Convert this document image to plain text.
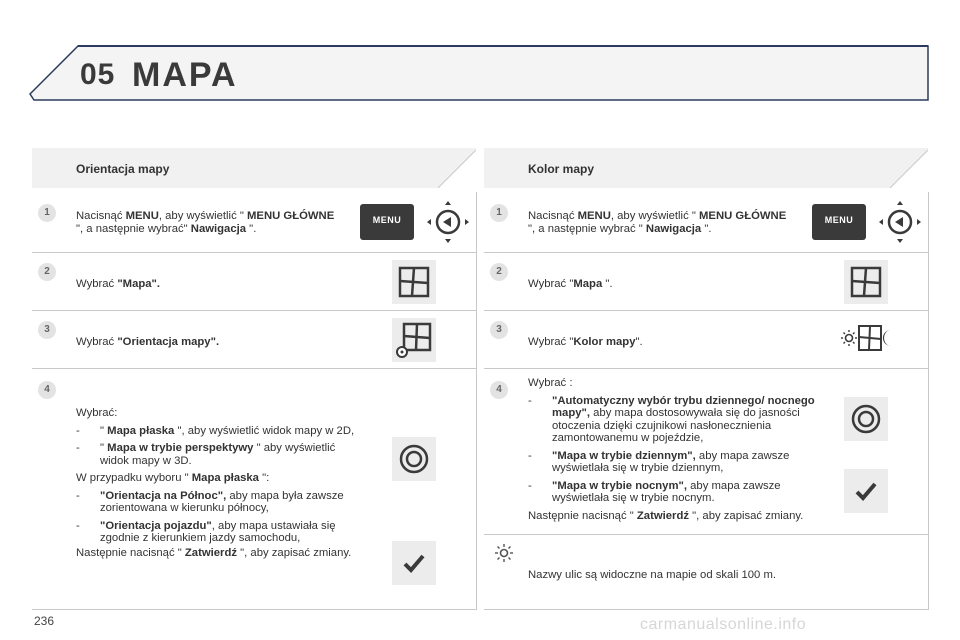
05 MAPA
Orientacja mapy
1	Nacisnąć MENU, aby wyświetlić " MENU GŁÓWNE ", a następnie wybrać" Nawigacja ".
MENU
2
Wybrać "Mapa".
3
Wybrać "Orientacja mapy".
4
Wybrać:
- " Mapa płaska ", aby wyświetlić widok mapy w 2D,
- " Mapa w trybie perspektywy " aby wyświetlić widok mapy w 3D.
W przypadku wyboru " Mapa płaska ":
- "Orientacja na Północ", aby mapa była zawsze zorientowana w kierunku północy,
- "Orientacja pojazdu", aby mapa ustawiała się zgodnie z kierunkiem jazdy samochodu,
Następnie nacisnąć " Zatwierdź ", aby zapisać zmiany.
Kolor mapy
1	Nacisnąć MENU, aby wyświetlić " MENU GŁÓWNE ", a następnie wybrać " Nawigacja ".
MENU
2
Wybrać "Mapa ".
3
Wybrać "Kolor mapy".
4
Wybrać :
- "Automatyczny wybór trybu dziennego/ nocnego mapy", aby mapa dostosowywała się do jasności otoczenia dzięki czujnikowi nasłonecznienia zamontowanemu w pojeździe,
- "Mapa w trybie dziennym", aby mapa zawsze wyświetlała się w trybie dziennym,
- "Mapa w trybie nocnym", aby mapa zawsze wyświetlała się w trybie nocnym.
Następnie nacisnąć " Zatwierdź ", aby zapisać zmiany.
Nazwy ulic są widoczne na mapie od skali 100 m.
236	carmanualsonline.info
